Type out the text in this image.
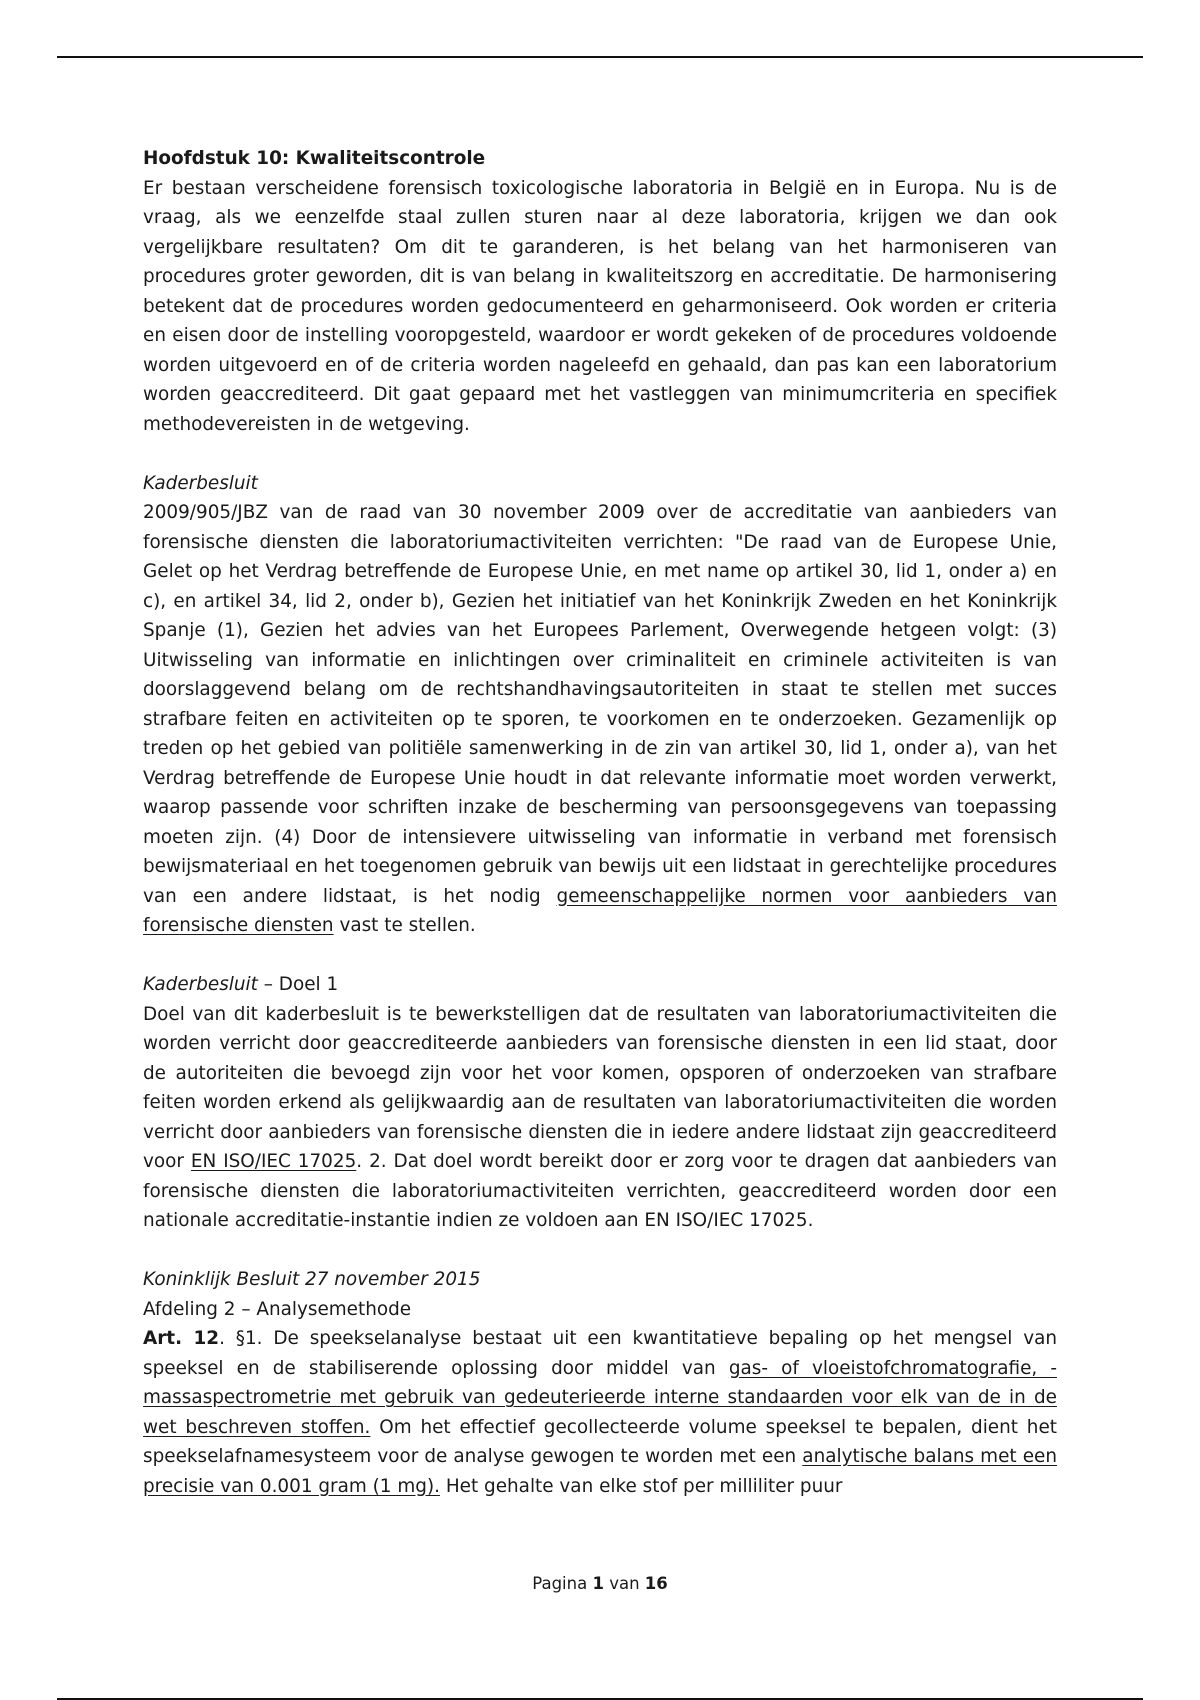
Hoofdstuk 10: Kwaliteitscontrole

Er bestaan verscheidene forensisch toxicologische laboratoria in België en in Europa. Nu is de vraag, als we eenzelfde staal zullen sturen naar al deze laboratoria, krijgen we dan ook vergelijkbare resultaten? Om dit te garanderen, is het belang van het harmoniseren van procedures groter geworden, dit is van belang in kwaliteitszorg en accreditatie. De harmonisering betekent dat de procedures worden gedocumenteerd en geharmoniseerd. Ook worden er criteria en eisen door de instelling vooropgesteld, waardoor er wordt gekeken of de procedures voldoende worden uitgevoerd en of de criteria worden nageleefd en gehaald, dan pas kan een laboratorium worden geaccrediteerd. Dit gaat gepaard met het vastleggen van minimumcriteria en specifiek methodevereisten in de wetgeving.

Kaderbesluit

2009/905/JBZ van de raad van 30 november 2009 over de accreditatie van aanbieders van forensische diensten die laboratoriumactiviteiten verrichten: "De raad van de Europese Unie, Gelet op het Verdrag betreffende de Europese Unie, en met name op artikel 30, lid 1, onder a) en c), en artikel 34, lid 2, onder b), Gezien het initiatief van het Koninkrijk Zweden en het Koninkrijk Spanje (1), Gezien het advies van het Europees Parlement, Overwegende hetgeen volgt: (3) Uitwisseling van informatie en inlichtingen over criminaliteit en criminele activiteiten is van doorslaggevend belang om de rechtshandhavingsautoriteiten in staat te stellen met succes strafbare feiten en activiteiten op te sporen, te voorkomen en te onderzoeken. Gezamenlijk op treden op het gebied van politiële samenwerking in de zin van artikel 30, lid 1, onder a), van het Verdrag betreffende de Europese Unie houdt in dat relevante informatie moet worden verwerkt, waarop passende voor schriften inzake de bescherming van persoonsgegevens van toepassing moeten zijn. (4) Door de intensievere uitwisseling van informatie in verband met forensisch bewijsmateriaal en het toegenomen gebruik van bewijs uit een lidstaat in gerechtelijke procedures van een andere lidstaat, is het nodig gemeenschappelijke normen voor aanbieders van forensische diensten vast te stellen.

Kaderbesluit – Doel 1

Doel van dit kaderbesluit is te bewerkstelligen dat de resultaten van laboratoriumactiviteiten die worden verricht door geaccrediteerde aanbieders van forensische diensten in een lid staat, door de autoriteiten die bevoegd zijn voor het voor komen, opsporen of onderzoeken van strafbare feiten worden erkend als gelijkwaardig aan de resultaten van laboratoriumactiviteiten die worden verricht door aanbieders van forensische diensten die in iedere andere lidstaat zijn geaccrediteerd voor EN ISO/IEC 17025. 2. Dat doel wordt bereikt door er zorg voor te dragen dat aanbieders van forensische diensten die laboratoriumactiviteiten verrichten, geaccrediteerd worden door een nationale accreditatie-instantie indien ze voldoen aan EN ISO/IEC 17025.

Koninklijk Besluit 27 november 2015

Afdeling 2 – Analysemethode

Art. 12. §1. De speekselanalyse bestaat uit een kwantitatieve bepaling op het mengsel van speeksel en de stabiliserende oplossing door middel van gas- of vloeistofchromatografie, -massaspectrometrie met gebruik van gedeuterieerde interne standaarden voor elk van de in de wet beschreven stoffen. Om het effectief gecollecteerde volume speeksel te bepalen, dient het speekselafnamesysteem voor de analyse gewogen te worden met een analytische balans met een precisie van 0.001 gram (1 mg). Het gehalte van elke stof per milliliter puur

Pagina 1 van 16
